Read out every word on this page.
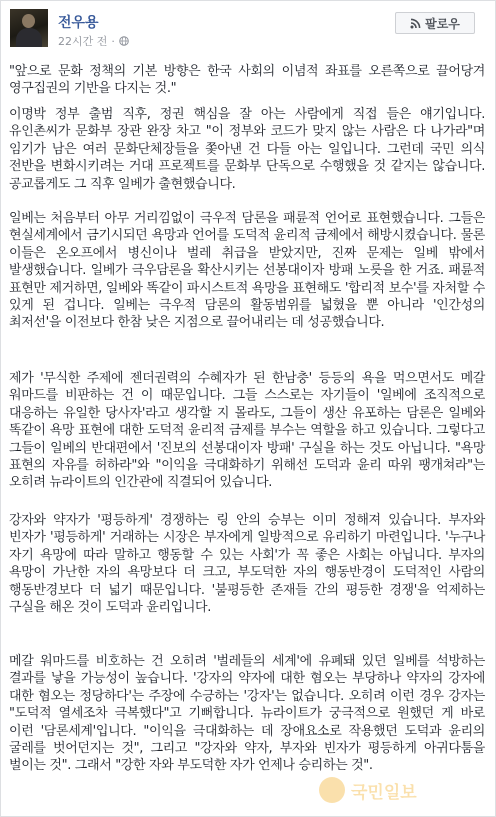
전우용
22시간 전 ·
팔로우

"앞으로 문화 정책의 기본 방향은 한국 사회의 이념적 좌표를 오른쪽으로 끌어당겨 영구집권의 기반을 다지는 것."

이명박 정부 출범 직후, 정권 핵심을 잘 아는 사람에게 직접 들은 얘기입니다. 유인촌씨가 문화부 장관 완장 차고 "이 정부와 코드가 맞지 않는 사람은 다 나가라"며 임기가 남은 여러 문화단체장들을 쫓아낸 건 다들 아는 일입니다. 그런데 국민 의식 전반을 변화시키려는 거대 프로젝트를 문화부 단독으로 수행했을 것 같지는 않습니다. 공교롭게도 그 직후 일베가 출현했습니다.

일베는 처음부터 아무 거리낌없이 극우적 담론을 패륜적 언어로 표현했습니다. 그들은 현실세계에서 금기시되던 욕망과 언어를 도덕적 윤리적 금제에서 해방시켰습니다. 물론 이들은 온오프에서 병신이나 벌레 취급을 받았지만, 진짜 문제는 일베 밖에서 발생했습니다. 일베가 극우담론을 확산시키는 선봉대이자 방패 노릇을 한 거죠. 패륜적 표현만 제거하면, 일베와 똑같이 파시스트적 욕망을 표현해도 '합리적 보수'를 자처할 수 있게 된 겁니다. 일베는 극우적 담론의 활동범위를 넓혔을 뿐 아니라 '인간성의 최저선'을 이전보다 한참 낮은 지점으로 끌어내리는 데 성공했습니다.

제가 '무식한 주제에 젠더권력의 수혜자가 된 한남충' 등등의 욕을 먹으면서도 메갈 워마드를 비판하는 건 이 때문입니다. 그들 스스로는 자기들이 '일베에 조직적으로 대응하는 유일한 당사자'라고 생각할 지 몰라도, 그들이 생산 유포하는 담론은 일베와 똑같이 욕망 표현에 대한 도덕적 윤리적 금제를 부수는 역할을 하고 있습니다. 그렇다고 그들이 일베의 반대편에서 '진보의 선봉대이자 방패' 구실을 하는 것도 아닙니다. "욕망 표현의 자유를 허하라"와 "이익을 극대화하기 위해선 도덕과 윤리 따위 팽개쳐라"는 오히려 뉴라이트의 인간관에 직결되어 있습니다.

강자와 약자가 '평등하게' 경쟁하는 링 안의 승부는 이미 정해져 있습니다. 부자와 빈자가 '평등하게' 거래하는 시장은 부자에게 일방적으로 유리하기 마련입니다. '누구나 자기 욕망에 따라 말하고 행동할 수 있는 사회'가 꼭 좋은 사회는 아닙니다. 부자의 욕망이 가난한 자의 욕망보다 더 크고, 부도덕한 자의 행동반경이 도덕적인 사람의 행동반경보다 더 넓기 때문입니다. '불평등한 존재들 간의 평등한 경쟁'을 억제하는 구실을 해온 것이 도덕과 윤리입니다.

메갈 워마드를 비호하는 건 오히려 '벌레들의 세계'에 유폐돼 있던 일베를 석방하는 결과를 낳을 가능성이 높습니다. '강자의 약자에 대한 혐오는 부당하나 약자의 강자에 대한 혐오는 정당하다'는 주장에 수긍하는 '강자'는 없습니다. 오히려 이런 경우 강자는 "도덕적 열세조차 극복했다"고 기뻐합니다. 뉴라이트가 궁극적으로 원했던 게 바로 이런 '담론세계'입니다. "이익을 극대화하는 데 장애요소로 작용했던 도덕과 윤리의 굴레를 벗어던지는 것", 그리고 "강자와 약자, 부자와 빈자가 평등하게 아귀다툼을 벌이는 것". 그래서 "강한 자와 부도덕한 자가 언제나 승리하는 것".

국민일보
